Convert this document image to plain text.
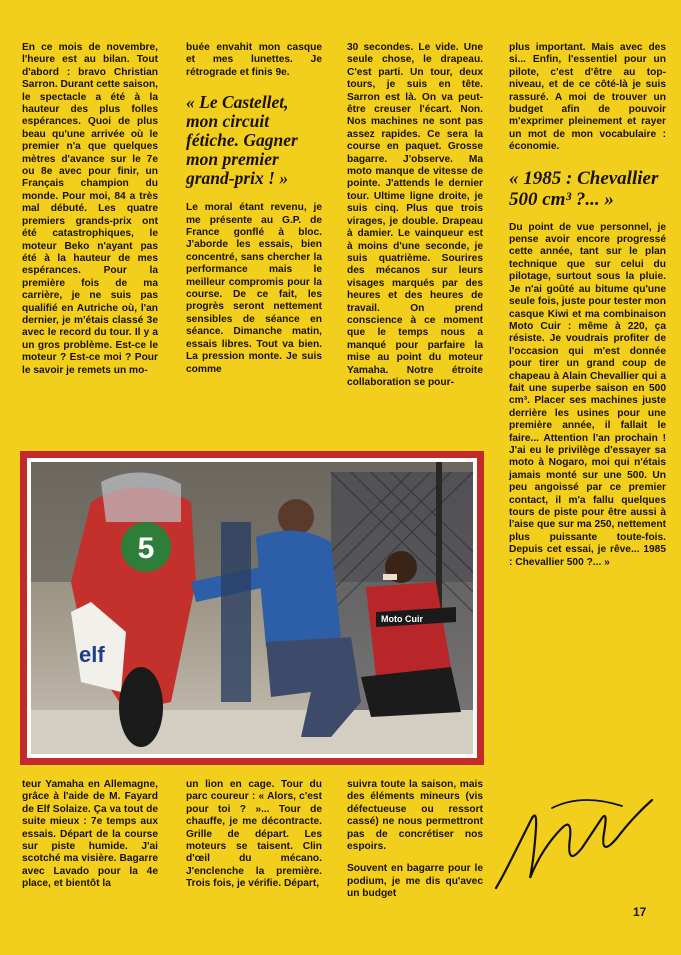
En ce mois de novembre, l'heure est au bilan. Tout d'abord : bravo Christian Sarron. Durant cette saison, le spectacle a été à la hauteur des plus folles espérances. Quoi de plus beau qu'une arrivée où le premier n'a que quelques mètres d'avance sur le 7e ou 8e avec pour finir, un Français champion du monde. Pour moi, 84 a très mal débuté. Les quatre premiers grands-prix ont été catastrophiques, le moteur Beko n'ayant pas été à la hauteur de mes espérances. Pour la première fois de ma carrière, je ne suis pas qualifié en Autriche où, l'an dernier, je m'étais classé 3e avec le record du tour. Il y a un gros problème. Est-ce le moteur ? Est-ce moi ? Pour le savoir je remets un mo-

buée envahit mon casque et mes lunettes. Je rétrograde et finis 9e.

« Le Castellet, mon circuit fétiche. Gagner mon premier grand-prix ! »

Le moral étant revenu, je me présente au G.P. de France gonflé à bloc. J'aborde les essais, bien concentré, sans chercher la performance mais le meilleur compromis pour la course. De ce fait, les progrès seront nettement sensibles de séance en séance. Dimanche matin, essais libres. Tout va bien. La pression monte. Je suis comme

30 secondes. Le vide. Une seule chose, le drapeau. C'est parti. Un tour, deux tours, je suis en tête. Sarron est là. On va peut-être creuser l'écart. Non. Nos machines ne sont pas assez rapides. Ce sera la course en paquet. Grosse bagarre. J'observe. Ma moto manque de vitesse de pointe. J'attends le dernier tour. Ultime ligne droite, je suis cinq. Plus que trois virages, je double. Drapeau à damier. Le vainqueur est à moins d'une seconde, je suis quatrième. Sourires des mécanos sur leurs visages marqués par des heures et des heures de travail. On prend conscience à ce moment que le temps nous a manqué pour parfaire la mise au point du moteur Yamaha. Notre étroite collaboration se pour-

plus important. Mais avec des si... Enfin, l'essentiel pour un pilote, c'est d'être au top-niveau, et de ce côté-là je suis rassuré. A moi de trouver un budget afin de pouvoir m'exprimer pleinement et rayer un mot de mon vocabulaire : économie.

« 1985 : Chevallier 500 cm³ ?... »

Du point de vue personnel, je pense avoir encore progressé cette année, tant sur le plan technique que sur celui du pilotage, surtout sous la pluie. Je n'ai goûté au bitume qu'une seule fois, juste pour tester mon casque Kiwi et ma combinaison Moto Cuir : même à 220, ça résiste. Je voudrais profiter de l'occasion qui m'est donnée pour tirer un grand coup de chapeau à Alain Chevallier qui a fait une superbe saison en 500 cm³. Placer ses machines juste derrière les usines pour une première année, il fallait le faire... Attention l'an prochain ! J'ai eu le privilège d'essayer sa moto à Nogaro, moi qui n'étais jamais monté sur une 500. Un peu angoissé par ce premier contact, il m'a fallu quelques tours de piste pour être aussi à l'aise que sur ma 250, nettement plus puissante toute-fois. Depuis cet essai, je rêve... 1985 : Chevallier 500 ?... »

5
elf
Moto Cuir

teur Yamaha en Allemagne, grâce à l'aide de M. Fayard de Elf Solaize. Ça va tout de suite mieux : 7e temps aux essais. Départ de la course sur piste humide. J'ai scotché ma visière. Bagarre avec Lavado pour la 4e place, et bientôt la

un lion en cage. Tour du parc coureur : « Alors, c'est pour toi ? »... Tour de chauffe, je me décontracte. Grille de départ. Les moteurs se taisent. Clin d'œil du mécano. J'enclenche la première. Trois fois, je vérifie. Départ,

suivra toute la saison, mais des éléments mineurs (vis défectueuse ou ressort cassé) ne nous permettront pas de concrétiser nos espoirs.

Souvent en bagarre pour le podium, je me dis qu'avec un budget

17
